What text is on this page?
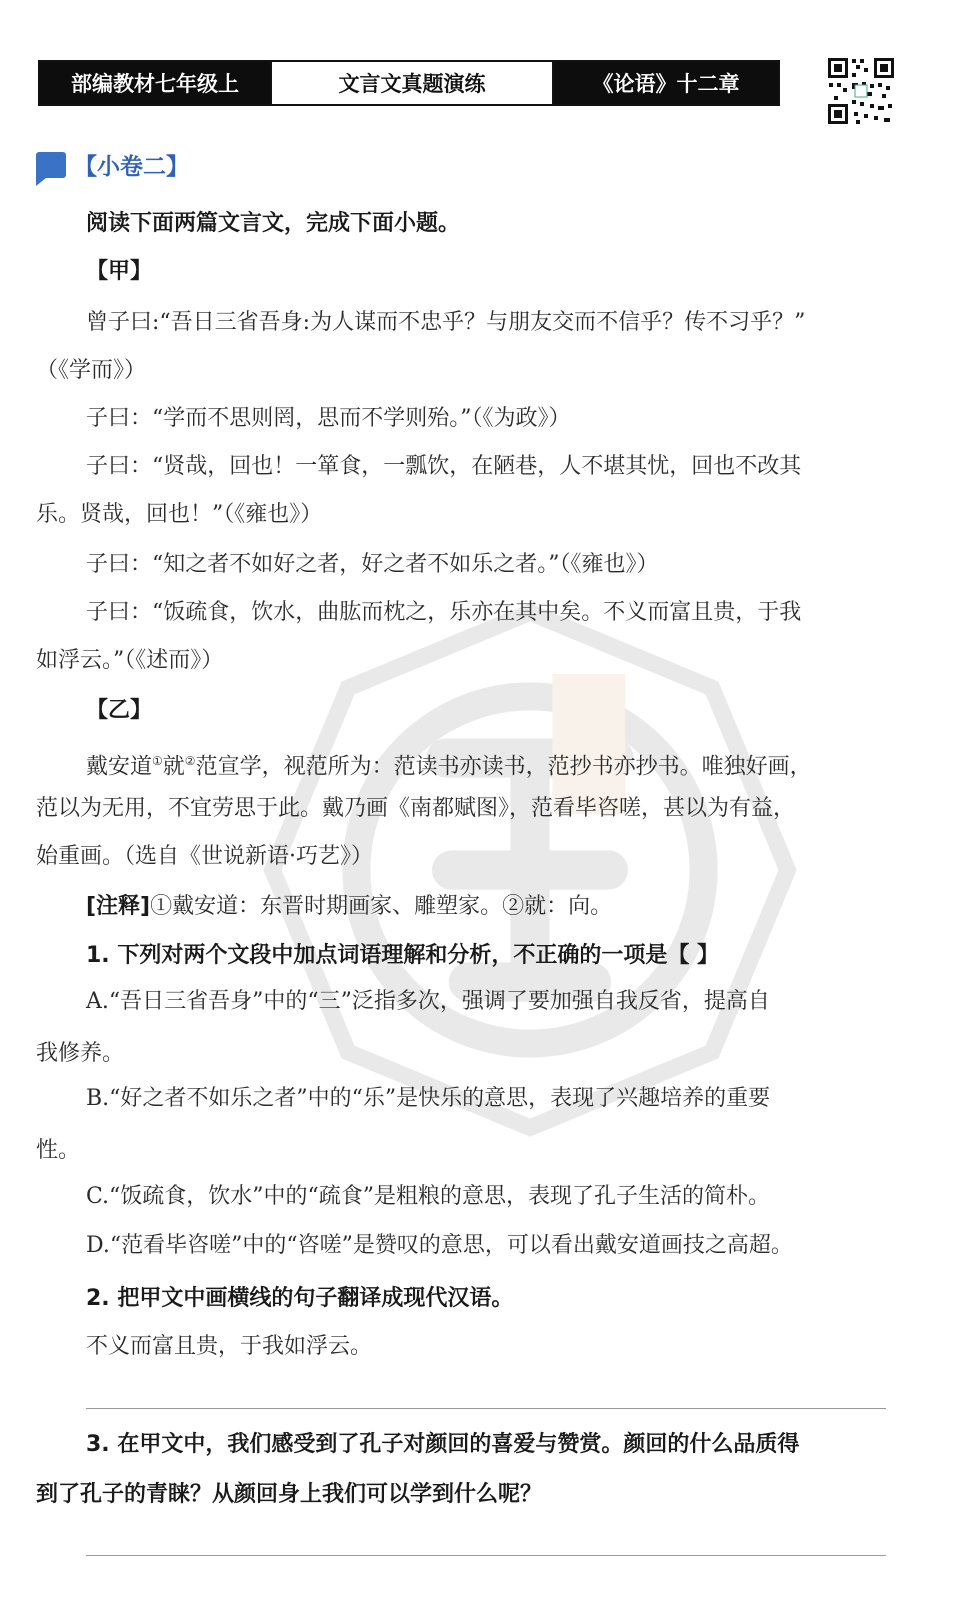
部编教材七年级上	文言文真题演练	《论语》十二章
【小卷二】
阅读下面两篇文言文，完成下面小题。
【甲】
曾子曰:“吾日三省吾身:为人谋而不忠乎？与朋友交而不信乎？传不习乎？”
（《学而》）
子曰：“学而不思则罔，思而不学则殆。”（《为政》）
子曰：“贤哉，回也！一箪食，一瓢饮，在陋巷，人不堪其忧，回也不改其
乐。贤哉，回也！”（《雍也》）
子曰：“知之者不如好之者，好之者不如乐之者。”（《雍也》）
子曰：“饭疏食，饮水，曲肱而枕之，乐亦在其中矣。不义而富且贵，于我
如浮云。”（《述而》）
【乙】
戴安道①就②范宣学，视范所为：范读书亦读书，范抄书亦抄书。唯独好画，
范以为无用，不宜劳思于此。戴乃画《南都赋图》，范看毕咨嗟，甚以为有益，
始重画。（选自《世说新语·巧艺》）
[注释]①戴安道：东晋时期画家、雕塑家。②就：向。
1. 下列对两个文段中加点词语理解和分析，不正确的一项是【 】
A.“吾日三省吾身”中的“三”泛指多次，强调了要加强自我反省，提高自
我修养。
B.“好之者不如乐之者”中的“乐”是快乐的意思，表现了兴趣培养的重要
性。
C.“饭疏食，饮水”中的“疏食”是粗粮的意思，表现了孔子生活的简朴。
D.“范看毕咨嗟”中的“咨嗟”是赞叹的意思，可以看出戴安道画技之高超。
2. 把甲文中画横线的句子翻译成现代汉语。
不义而富且贵，于我如浮云。
3. 在甲文中，我们感受到了孔子对颜回的喜爱与赞赏。颜回的什么品质得
到了孔子的青睐？从颜回身上我们可以学到什么呢？
